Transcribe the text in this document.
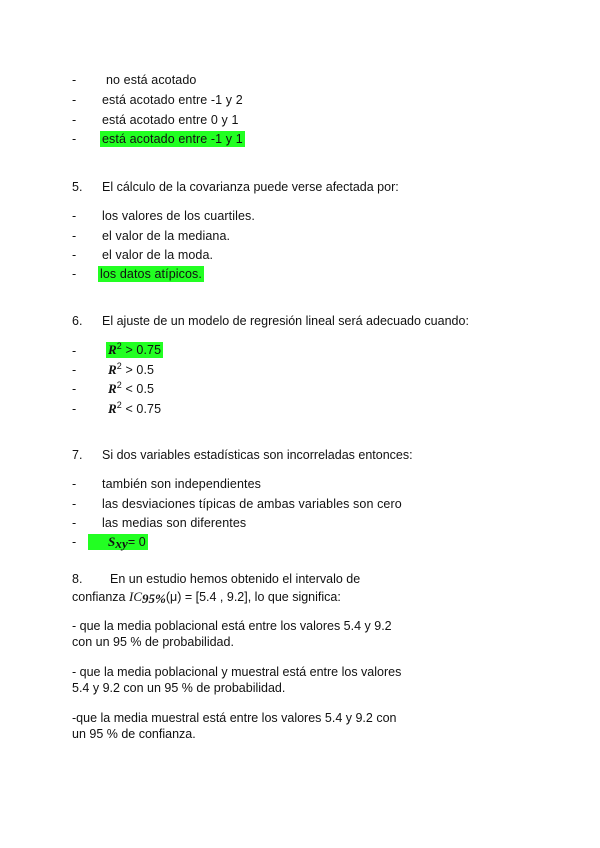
- no está acotado
- está acotado entre -1 y 2
- está acotado entre 0 y 1
- está acotado entre -1 y 1
5. El cálculo de la covarianza puede verse afectada por:
- los valores de los cuartiles.
- el valor de la mediana.
- el valor de la moda.
- los datos atípicos.
6. El ajuste de un modelo de regresión lineal será adecuado cuando:
- $R^2 > 0.75$
- $R^2 > 0.5$
- $R^2 < 0.5$
- $R^2 < 0.75$
7. Si dos variables estadísticas son incorreladas entonces:
- también son independientes
- las desviaciones típicas de ambas variables son cero
- las medias son diferentes
-	$S_{xy}= 0$
8. En un estudio hemos obtenido el intervalo de
confianza $IC_{95\%}(\mu) = [5.4$ , 9.2], lo que significa:
- que la media poblacional está entre los valores 5.4 y 9.2
con un 95 % de probabilidad.
- que la media poblacional y muestral está entre los valores
5.4 y 9.2 con un 95 % de probabilidad.
-que la media muestral está entre los valores 5.4 y 9.2 con
un 95 % de confianza.
